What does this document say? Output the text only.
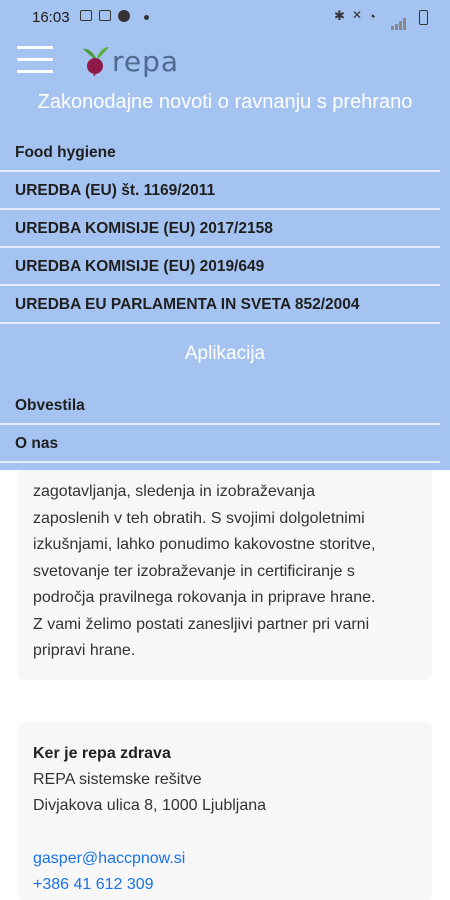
zagotavljanja, sledenja in izobraževanja
zaposlenih v teh obratih. S svojimi dolgoletnimi
izkušnjami, lahko ponudimo kakovostne storitve,
svetovanje ter izobraževanje in certificiranje s
področja pravilnega rokovanja in priprave hrane.
Z vami želimo postati zanesljivi partner pri varni
pripravi hrane.
Ker je repa zdrava
REPA sistemske rešitve
Divjakova ulica 8, 1000 Ljubljana
gasper@haccpnow.si
+386 41 612 309
16:03	✱ ✕ ◔
repa
Zakonodajne novoti o ravnanju s prehrano
Food hygiene
UREDBA (EU) št. 1169/2011
UREDBA KOMISIJE (EU) 2017/2158
UREDBA KOMISIJE (EU) 2019/649
UREDBA EU PARLAMENTA IN SVETA 852/2004
Aplikacija
Obvestila
O nas
